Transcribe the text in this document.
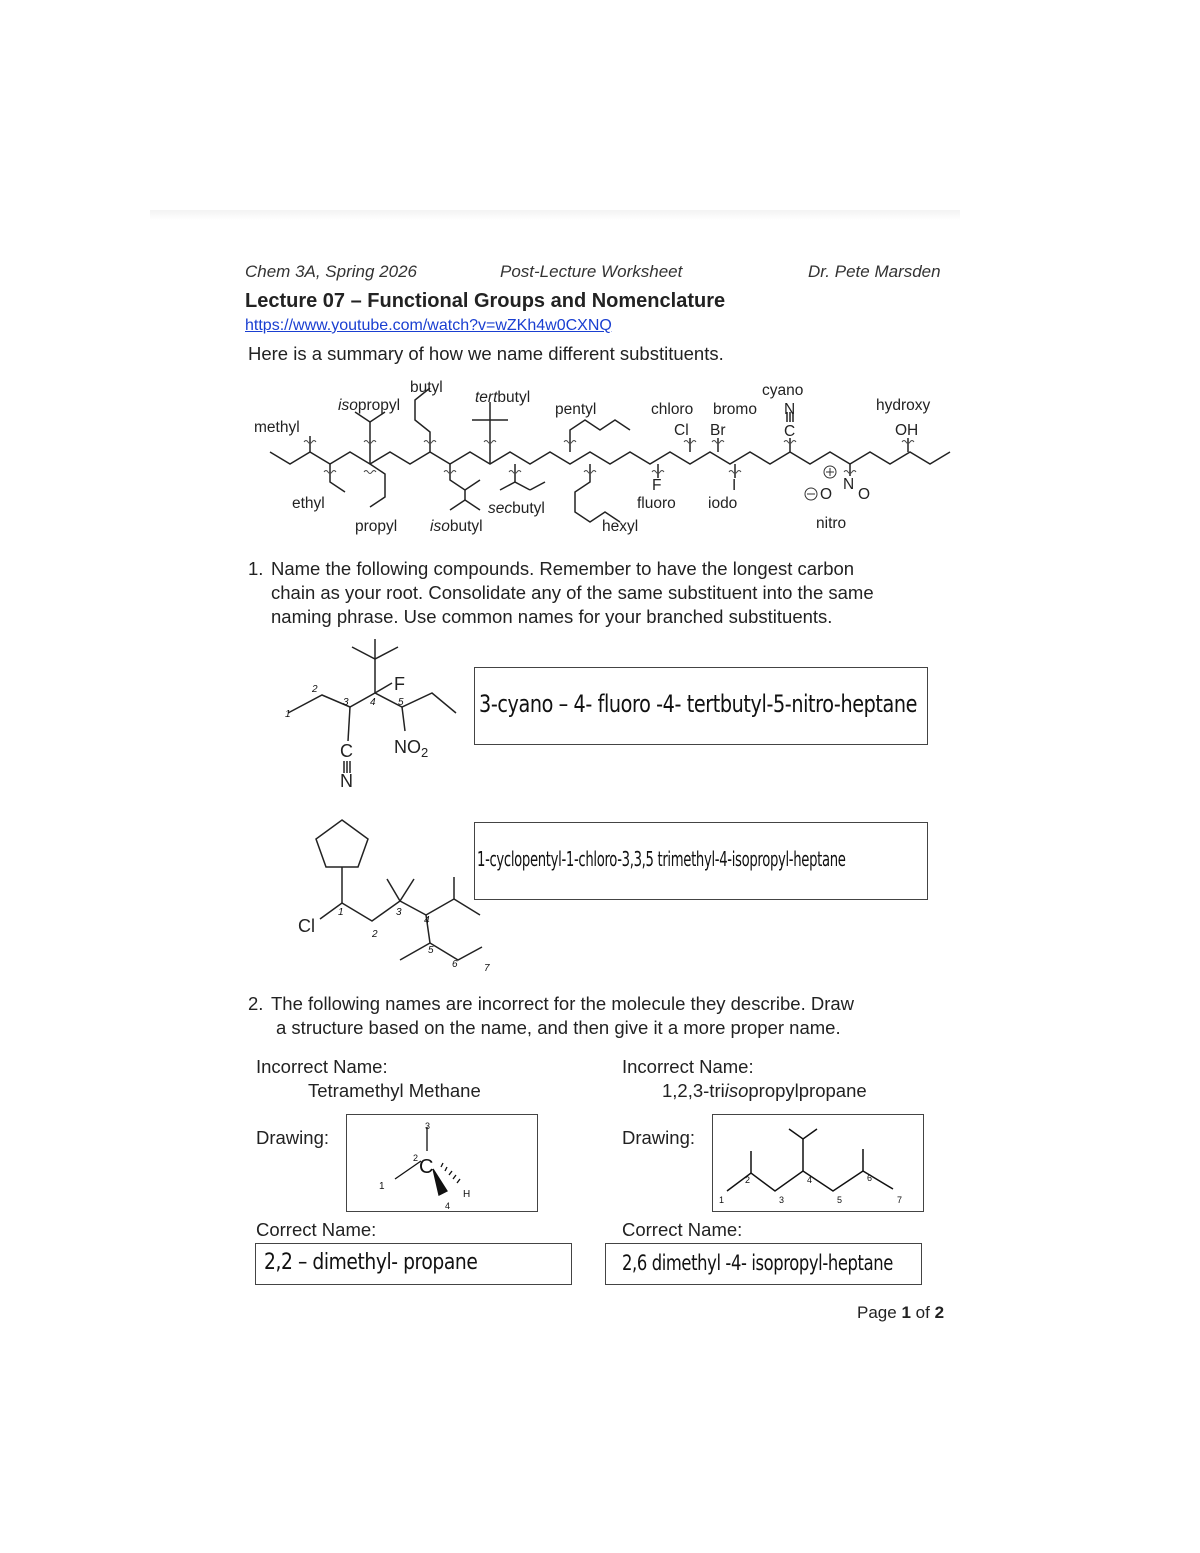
Chem 3A, Spring 2026	Post-Lecture Worksheet	Dr. Pete Marsden
Lecture 07 – Functional Groups and Nomenclature
https://www.youtube.com/watch?v=wZKh4w0CXNQ
Here is a summary of how we name different substituents.
methyl
ethyl
isopropyl
propyl
butyl
isobutyl
tertbutyl
secbutyl
pentyl
hexyl
chloro
Cl
fluoro
F
bromo
Br
iodo
I
cyano
N
C
nitro
O
N
O
hydroxy
OH
1. Name the following compounds. Remember to have the longest carbon
chain as your root. Consolidate any of the same substituent into the same
naming phrase. Use common names for your branched substituents.
F
$NO_2$
C
N
1
2
3 4 5	3-cyano – 4- fluoro -4- tertbutyl-5-nitro-heptane
Cl
1
2
3
4
5
6	7
1-cyclopentyl-1-chloro-3,3,5 trimethyl-4-isopropyl-heptane
2. The following names are incorrect for the molecule they describe. Draw
a structure based on the name, and then give it a more proper name.
Incorrect Name:
Tetramethyl Methane
Drawing:
C
H
1
2
3
4
Correct Name:
2,2 – dimethyl- propane
Incorrect Name:
1,2,3-triisopropylpropane
Drawing:
1
2
3
4
5
6
7
Correct Name:
2,6 dimethyl -4- isopropyl-heptane
Page 1 of 2
